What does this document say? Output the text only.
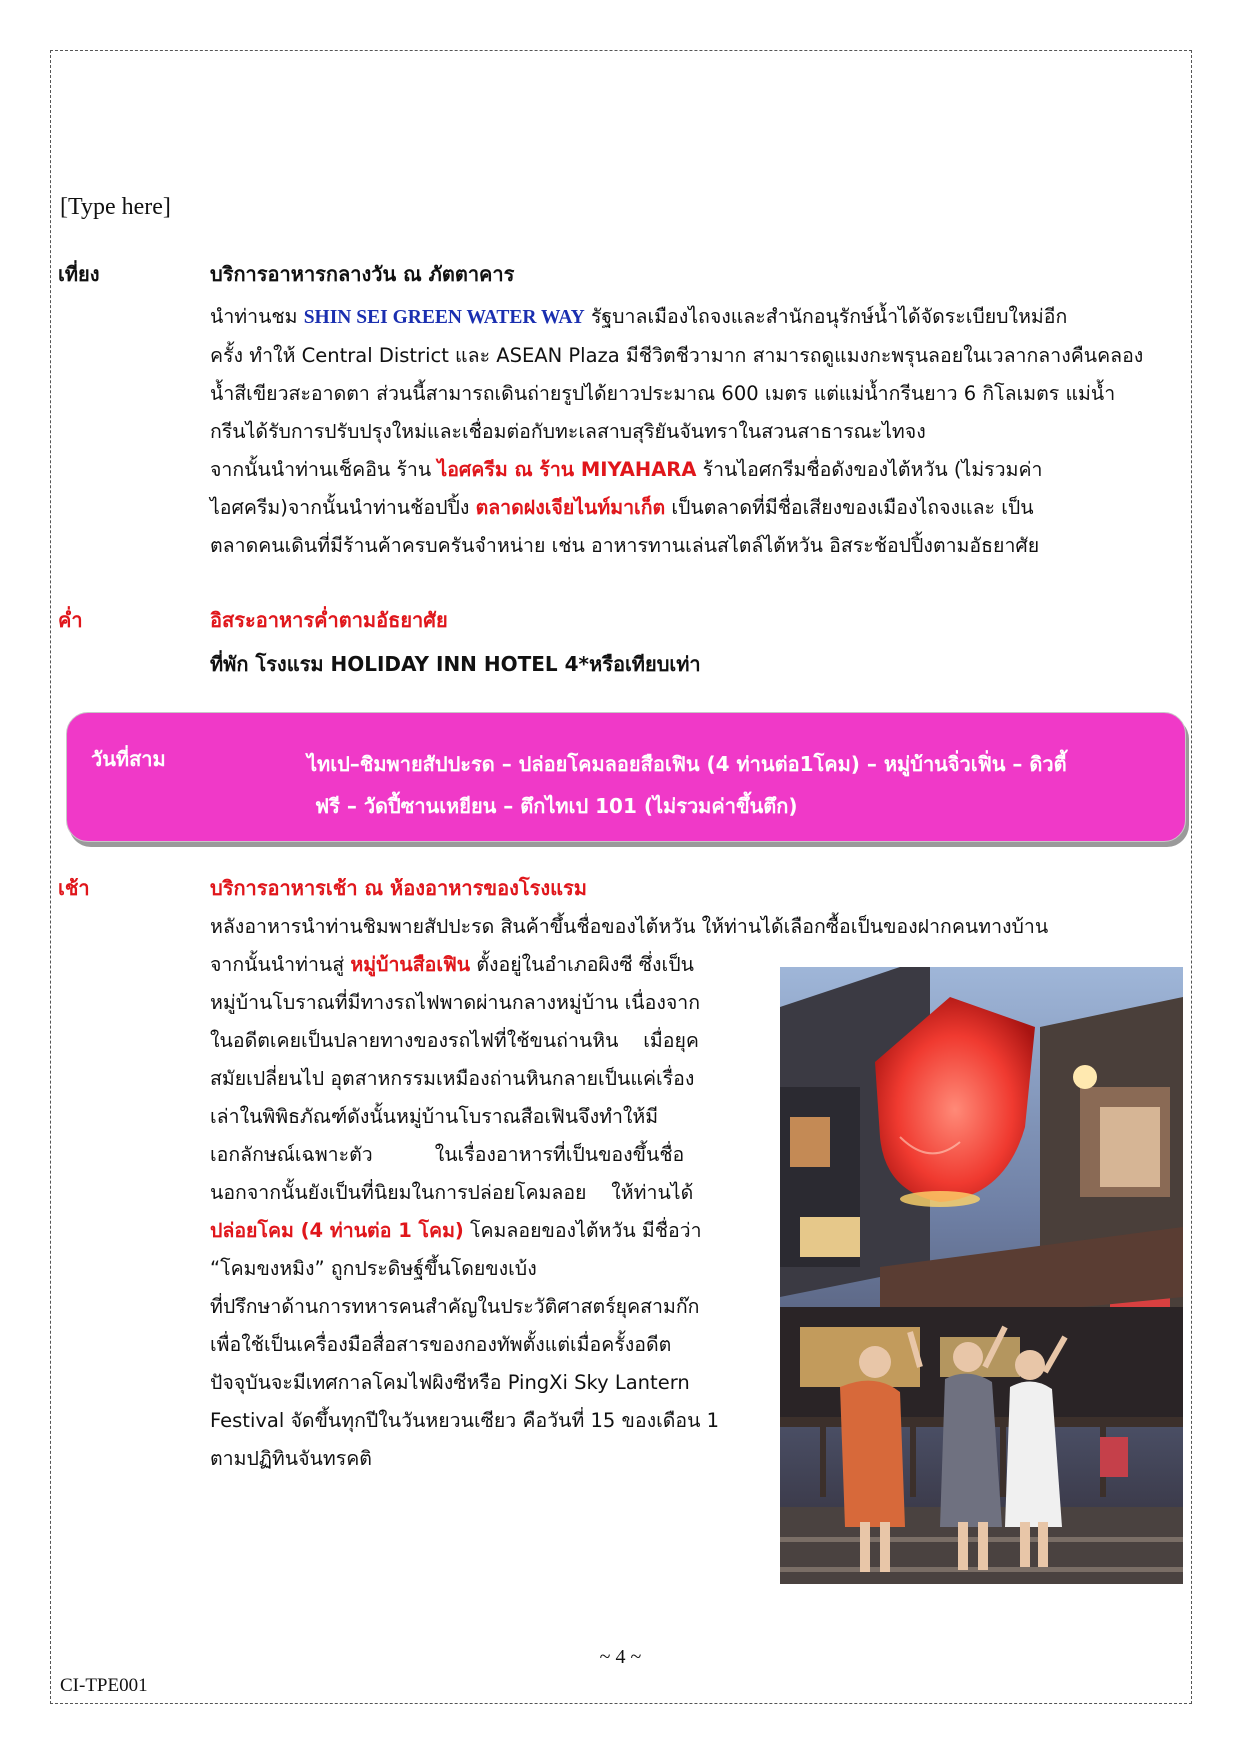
[Type here]
เที่ยง	บริการอาหารกลางวัน ณ ภัตตาคาร

นำท่านชม SHIN SEI GREEN WATER WAY รัฐบาลเมืองไถจงและสำนักอนุรักษ์น้ำได้จัดระเบียบใหม่อีก

ครั้ง ทำให้ Central District และ ASEAN Plaza มีชีวิตชีวามาก สามารถดูแมงกะพรุนลอยในเวลากลางคืนคลอง

น้ำสีเขียวสะอาดตา ส่วนนี้สามารถเดินถ่ายรูปได้ยาวประมาณ 600 เมตร แต่แม่น้ำกรีนยาว 6 กิโลเมตร แม่น้ำ

กรีนได้รับการปรับปรุงใหม่และเชื่อมต่อกับทะเลสาบสุริยันจันทราในสวนสาธารณะไทจง

จากนั้นนำท่านเช็คอิน ร้าน ไอศครีม ณ ร้าน MIYAHARA ร้านไอศกรีมชื่อดังของไต้หวัน (ไม่รวมค่า

ไอศครีม)จากนั้นนำท่านช้อปปิ้ง ตลาดฝงเจียไนท์มาเก็ต เป็นตลาดที่มีชื่อเสียงของเมืองไถจงและ เป็น

ตลาดคนเดินที่มีร้านค้าครบครันจำหน่าย เช่น อาหารทานเล่นสไตล์ไต้หวัน อิสระช้อปปิ้งตามอัธยาศัย

ค่ำ	อิสระอาหารค่ำตามอัธยาศัย
ที่พัก โรงแรม HOLIDAY INN HOTEL 4*หรือเทียบเท่า
วันที่สาม	ไทเป–ชิมพายสัปปะรด – ปล่อยโคมลอยสือเฟิน (4 ท่านต่อ1โคม) – หมู่บ้านจิ่วเฟิ่น – ดิวตี้
ฟรี – วัดปี้ซานเหยียน – ตึกไทเป 101 (ไม่รวมค่าขึ้นตึก)
เช้า	บริการอาหารเช้า ณ ห้องอาหารของโรงแรม

หลังอาหารนำท่านชิมพายสัปปะรด สินค้าขึ้นชื่อของไต้หวัน ให้ท่านได้เลือกซื้อเป็นของฝากคนทางบ้าน

จากนั้นนำท่านสู่ หมู่บ้านสือเฟิน ตั้งอยู่ในอำเภอผิงซี ซึ่งเป็น

หมู่บ้านโบราณที่มีทางรถไฟพาดผ่านกลางหมู่บ้าน เนื่องจาก

ในอดีตเคยเป็นปลายทางของรถไฟที่ใช้ขนถ่านหิน    เมื่อยุค

สมัยเปลี่ยนไป อุตสาหกรรมเหมืองถ่านหินกลายเป็นแค่เรื่อง

เล่าในพิพิธภัณฑ์ดังนั้นหมู่บ้านโบราณสือเฟินจึงทำให้มี

เอกลักษณ์เฉพาะตัว          ในเรื่องอาหารที่เป็นของขึ้นชื่อ

นอกจากนั้นยังเป็นที่นิยมในการปล่อยโคมลอย    ให้ท่านได้

ปล่อยโคม (4 ท่านต่อ 1 โคม) โคมลอยของไต้หวัน มีชื่อว่า

“โคมขงหมิง” ถูกประดิษฐ์ขึ้นโดยขงเบ้ง

ที่ปรึกษาด้านการทหารคนสำคัญในประวัติศาสตร์ยุคสามก๊ก

เพื่อใช้เป็นเครื่องมือสื่อสารของกองทัพตั้งแต่เมื่อครั้งอดีต

ปัจจุบันจะมีเทศกาลโคมไฟผิงซีหรือ PingXi Sky Lantern

Festival จัดขึ้นทุกปีในวันหยวนเซียว คือวันที่ 15 ของเดือน 1

ตามปฏิทินจันทรคติ

~ 4 ~
CI-TPE001
